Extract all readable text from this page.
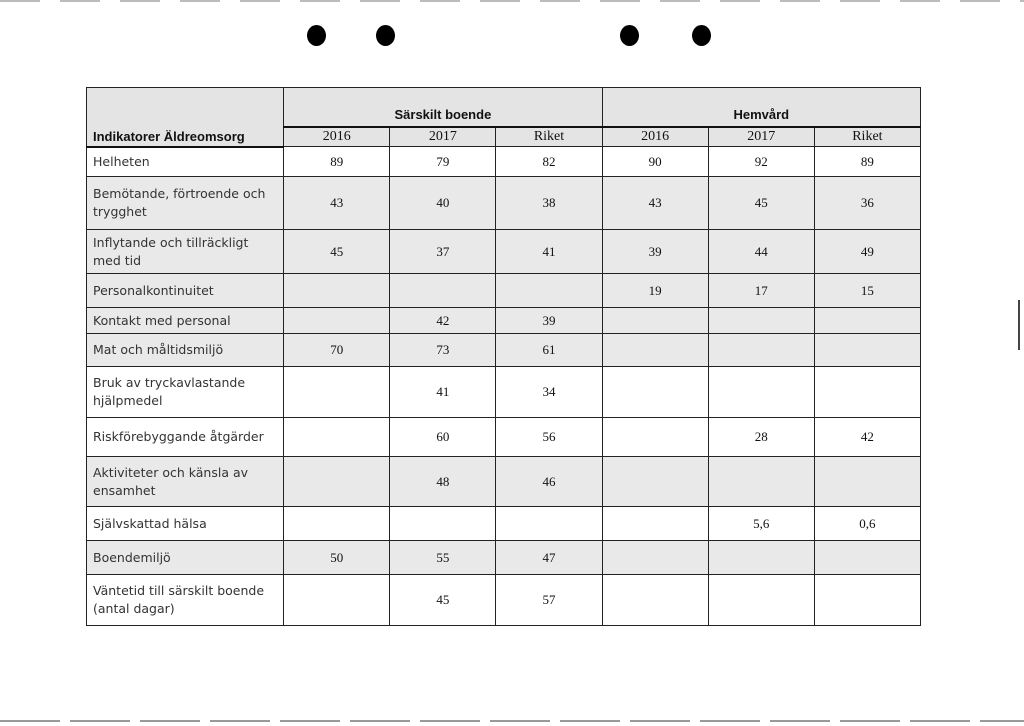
Indikatorer Äldreomsorg	Särskilt boende			Hemvård		
	2016	2017	Riket	2016	2017	Riket
Helheten	89	79	82	90	92	89
Bemötande, förtroende och trygghet	43	40	38	43	45	36
Inflytande och tillräckligt med tid	45	37	41	39	44	49
Personalkontinuitet				19	17	15
Kontakt med personal		42	39			
Mat och måltidsmiljö	70	73	61			
Bruk av tryckavlastande hjälpmedel		41	34			
Riskförebyggande åtgärder		60	56		28	42
Aktiviteter och känsla av ensamhet		48	46			
Självskattad hälsa					5,6	0,6
Boendemiljö	50	55	47			
Väntetid till särskilt boende (antal dagar)		45	57			
